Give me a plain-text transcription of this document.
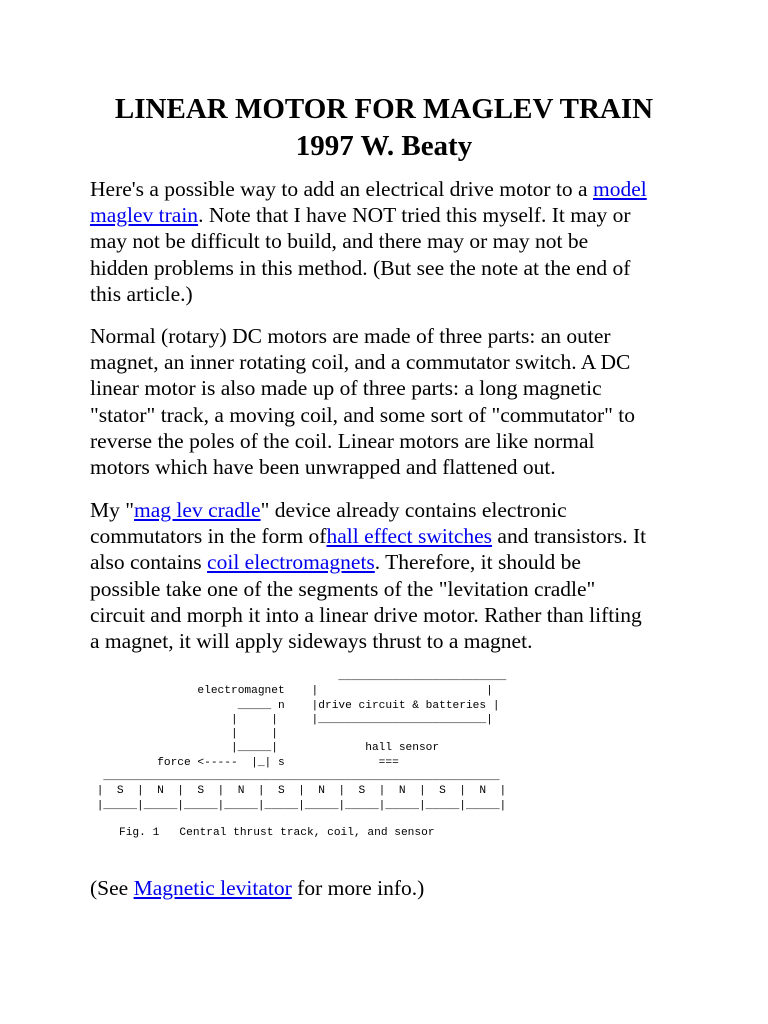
LINEAR MOTOR FOR MAGLEV TRAIN
1997 W. Beaty

Here's a possible way to add an electrical drive motor to a model
maglev train. Note that I have NOT tried this myself. It may or
may not be difficult to build, and there may or may not be
hidden problems in this method. (But see the note at the end of
this article.)

Normal (rotary) DC motors are made of three parts: an outer
magnet, an inner rotating coil, and a commutator switch. A DC
linear motor is also made up of three parts: a long magnetic
"stator" track, a moving coil, and some sort of "commutator" to
reverse the poles of the coil. Linear motors are like normal
motors which have been unwrapped and flattened out.

My "mag lev cradle" device already contains electronic
commutators in the form ofhall effect switches and transistors. It
also contains coil electromagnets. Therefore, it should be
possible take one of the segments of the "levitation cradle"
circuit and morph it into a linear drive motor. Rather than lifting
a magnet, it will apply sideways thrust to a magnet.

_________________________
electromagnet    |                         |
_____ n    |drive circuit & batteries |
|     |     |_________________________|
|     |
|_____|             hall sensor
force <-----  |_| s              ===
___________________________________________________________
|  S  |  N  |  S  |  N  |  S  |  N  |  S  |  N  |  S  |  N  |
|_____|_____|_____|_____|_____|_____|_____|_____|_____|_____|
Fig. 1   Central thrust track, coil, and sensor

(See Magnetic levitator for more info.)
